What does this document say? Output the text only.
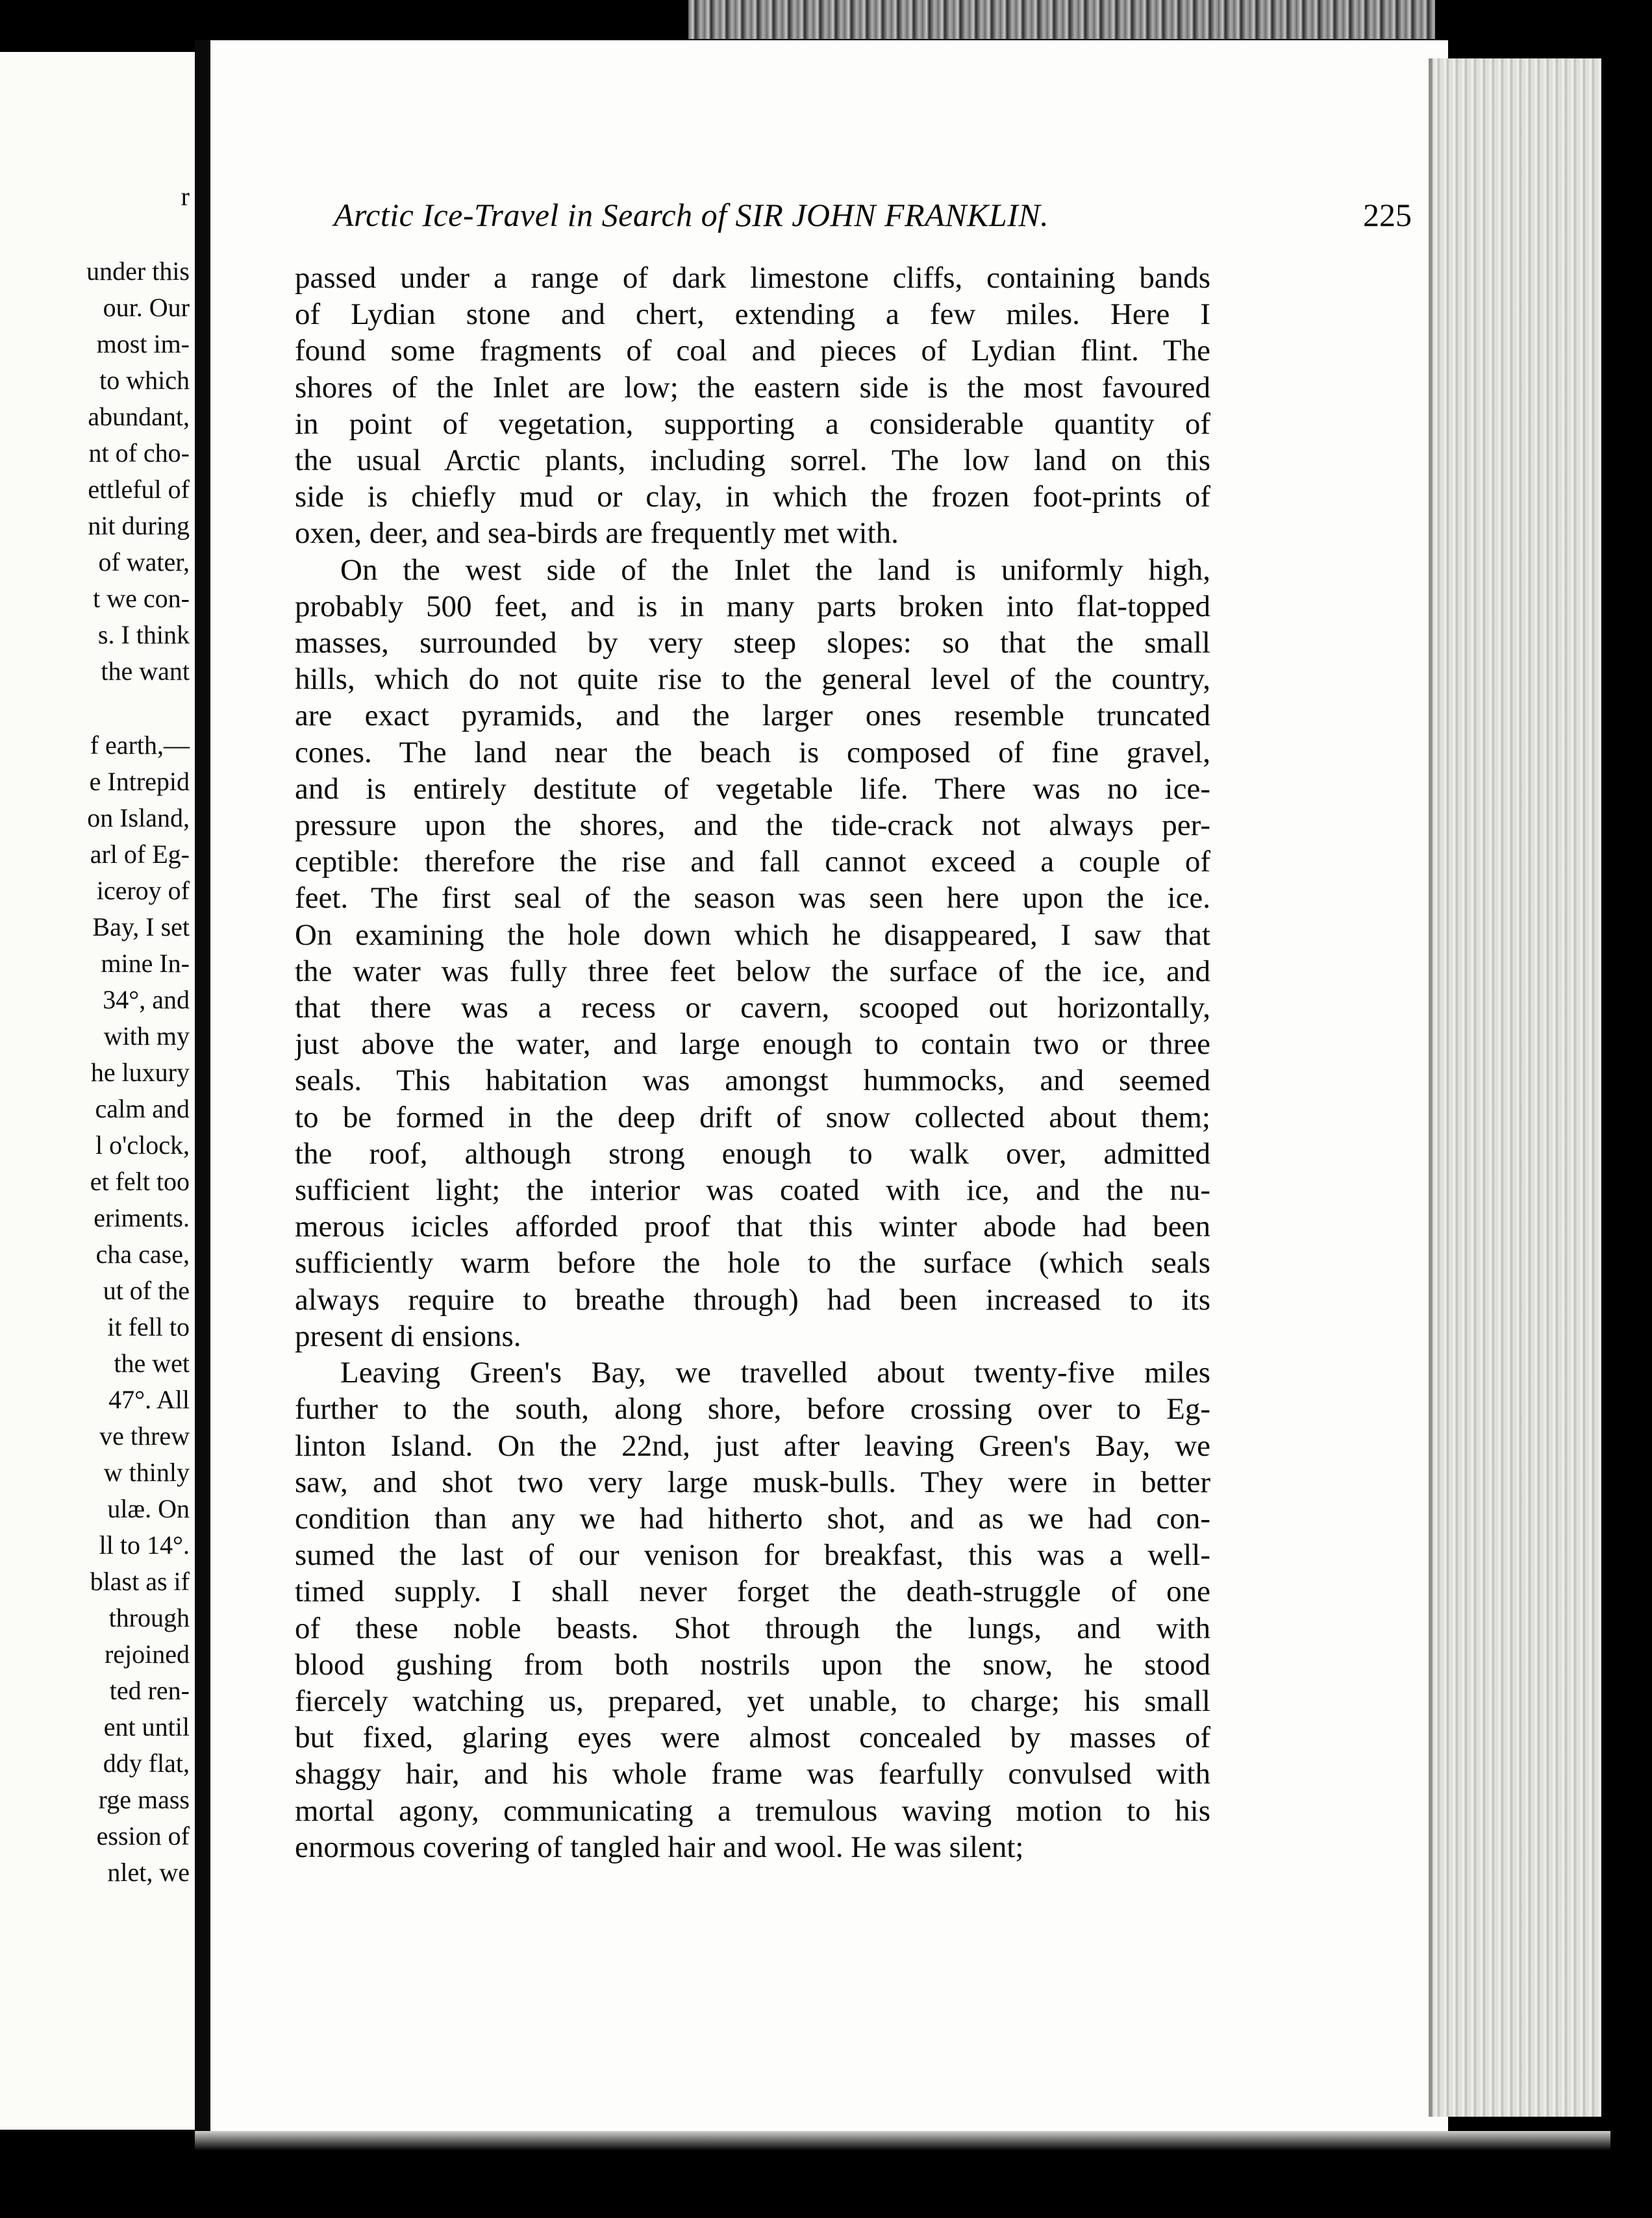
r
under this
our. Our
most im-
to which
abundant,
nt of cho-
ettleful of
nit during
of water,
t we con-
s. I think
the want
f earth,—
e Intrepid
on Island,
arl of Eg-
iceroy of
Bay, I set
mine In-
34°, and
with my
he luxury
calm and
l o'clock,
et felt too
eriments.
cha case,
ut of the
it fell to
the wet
47°. All
ve threw
w thinly
ulæ. On
ll to 14°.
blast as if
through
rejoined
ted ren-
ent until
ddy flat,
rge mass
ession of
nlet, we
Arctic Ice-Travel in Search of SIR JOHN FRANKLIN.	225
passed under a range of dark limestone cliffs, containing bands
of Lydian stone and chert, extending a few miles. Here I
found some fragments of coal and pieces of Lydian flint. The
shores of the Inlet are low; the eastern side is the most favoured
in point of vegetation, supporting a considerable quantity of
the usual Arctic plants, including sorrel. The low land on this
side is chiefly mud or clay, in which the frozen foot-prints of
oxen, deer, and sea-birds are frequently met with.
On the west side of the Inlet the land is uniformly high,
probably 500 feet, and is in many parts broken into flat-topped
masses, surrounded by very steep slopes: so that the small
hills, which do not quite rise to the general level of the country,
are exact pyramids, and the larger ones resemble truncated
cones. The land near the beach is composed of fine gravel,
and is entirely destitute of vegetable life. There was no ice-
pressure upon the shores, and the tide-crack not always per-
ceptible: therefore the rise and fall cannot exceed a couple of
feet. The first seal of the season was seen here upon the ice.
On examining the hole down which he disappeared, I saw that
the water was fully three feet below the surface of the ice, and
that there was a recess or cavern, scooped out horizontally,
just above the water, and large enough to contain two or three
seals. This habitation was amongst hummocks, and seemed
to be formed in the deep drift of snow collected about them;
the roof, although strong enough to walk over, admitted
sufficient light; the interior was coated with ice, and the nu-
merous icicles afforded proof that this winter abode had been
sufficiently warm before the hole to the surface (which seals
always require to breathe through) had been increased to its
present di ensions.
Leaving Green's Bay, we travelled about twenty-five miles
further to the south, along shore, before crossing over to Eg-
linton Island. On the 22nd, just after leaving Green's Bay, we
saw, and shot two very large musk-bulls. They were in better
condition than any we had hitherto shot, and as we had con-
sumed the last of our venison for breakfast, this was a well-
timed supply. I shall never forget the death-struggle of one
of these noble beasts. Shot through the lungs, and with
blood gushing from both nostrils upon the snow, he stood
fiercely watching us, prepared, yet unable, to charge; his small
but fixed, glaring eyes were almost concealed by masses of
shaggy hair, and his whole frame was fearfully convulsed with
mortal agony, communicating a tremulous waving motion to his
enormous covering of tangled hair and wool. He was silent;
